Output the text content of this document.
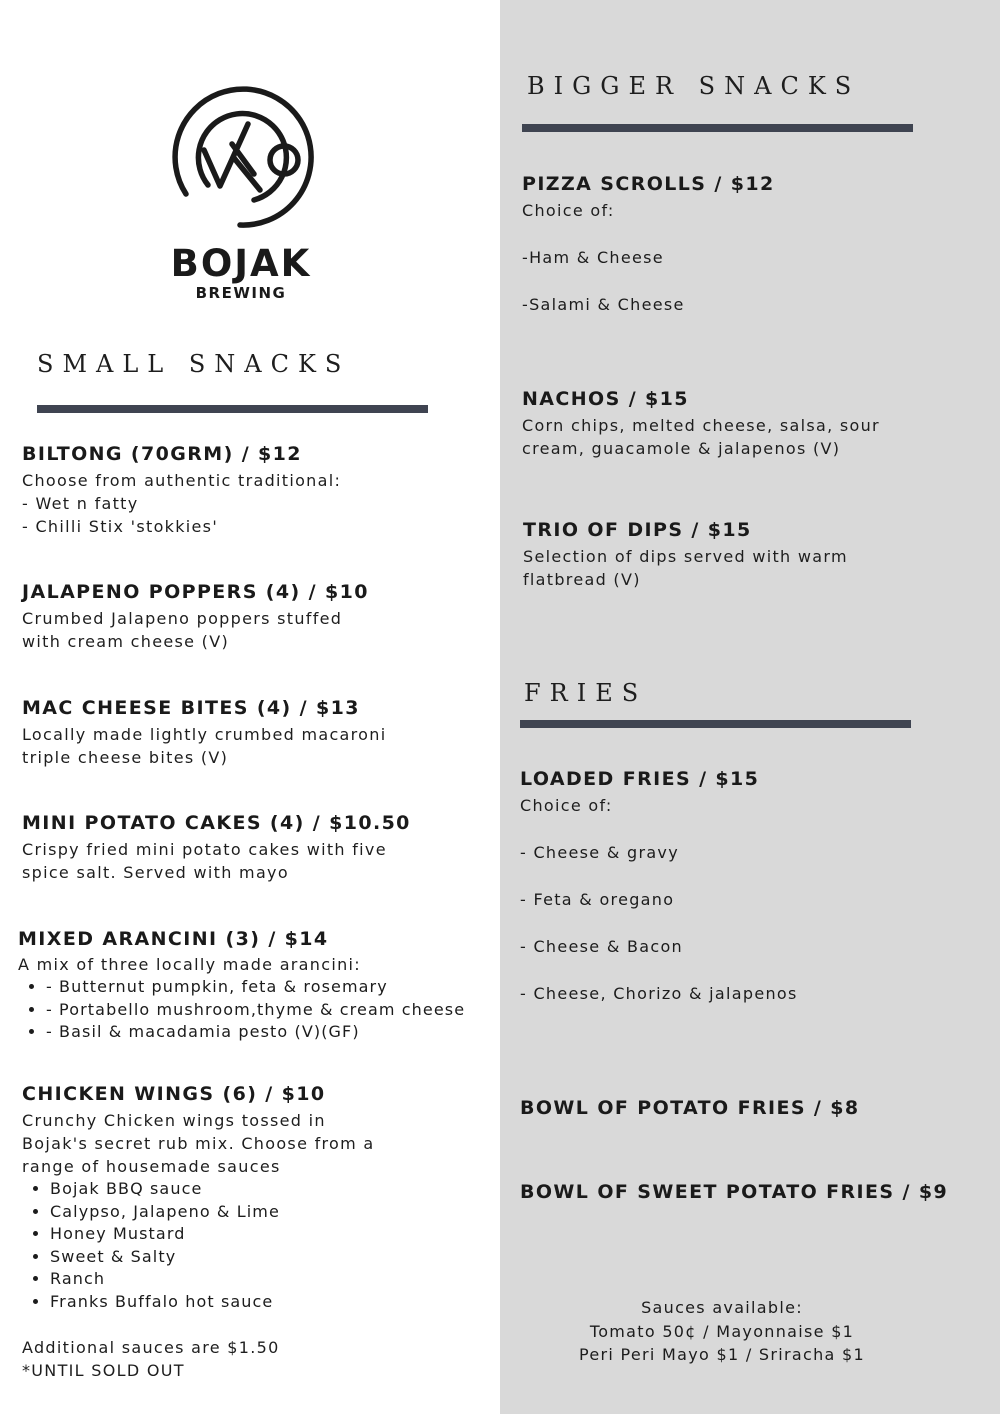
BOJAK
BREWING
SMALL SNACKS
BILTONG (70GRM) / $12

Choose from authentic traditional:

- Wet n fatty

- Chilli Stix 'stokkies'

JALAPENO POPPERS (4) / $10

Crumbed Jalapeno poppers stuffed

with cream cheese (V)

MAC CHEESE BITES (4) / $13

Locally made lightly crumbed macaroni

triple cheese bites (V)

MINI POTATO CAKES (4) / $10.50

Crispy fried mini potato cakes with five

spice salt. Served with mayo

MIXED ARANCINI (3) / $14

A mix of three locally made arancini:

• - Butternut pumpkin, feta & rosemary
• - Portabello mushroom,thyme & cream cheese
• - Basil & macadamia pesto (V)(GF)
CHICKEN WINGS (6) / $10

Crunchy Chicken wings tossed in

Bojak's secret rub mix. Choose from a

range of housemade sauces

• Bojak BBQ sauce
• Calypso, Jalapeno & Lime
• Honey Mustard
• Sweet & Salty
• Ranch
• Franks Buffalo hot sauce

Additional sauces are $1.50

*UNTIL SOLD OUT

BIGGER SNACKS
PIZZA SCROLLS / $12

Choice of:

-Ham & Cheese
-Salami & Cheese
NACHOS / $15

Corn chips, melted cheese, salsa, sour

cream, guacamole & jalapenos (V)

TRIO OF DIPS / $15

Selection of dips served with warm

flatbread (V)

FRIES
LOADED FRIES / $15

Choice of:

- Cheese & gravy
- Feta & oregano
- Cheese & Bacon
- Cheese, Chorizo & jalapenos
BOWL OF POTATO FRIES / $8
BOWL OF SWEET POTATO FRIES / $9
Sauces available:
Tomato 50¢ / Mayonnaise $1
Peri Peri Mayo $1 / Sriracha $1
